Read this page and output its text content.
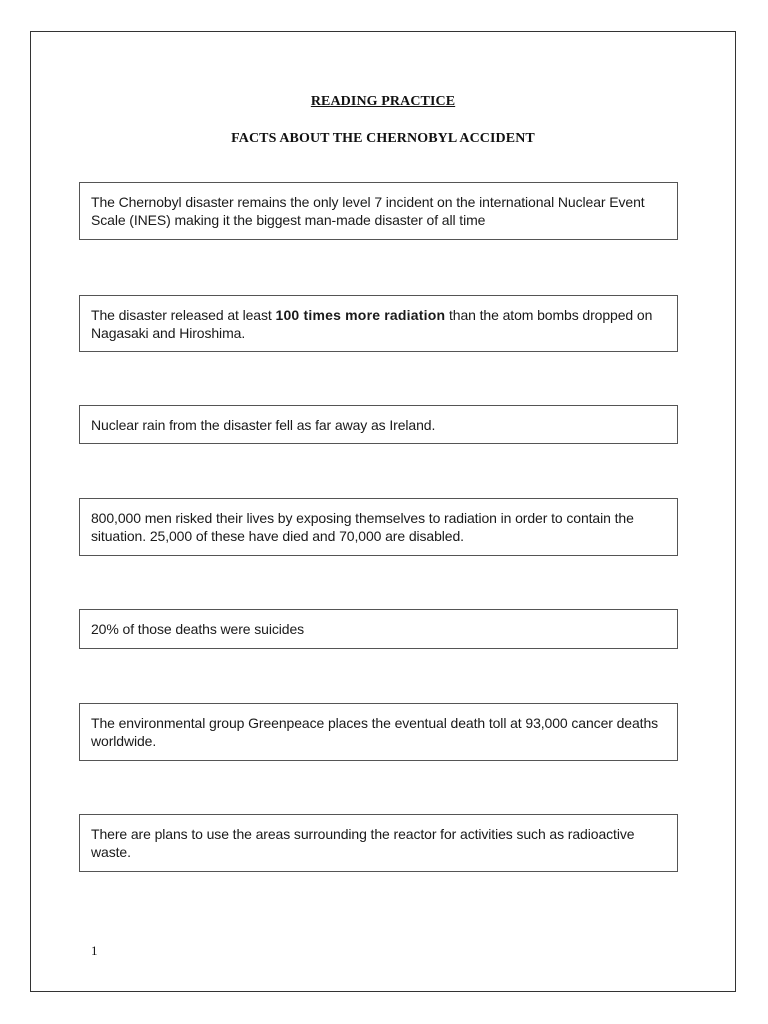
READING PRACTICE
FACTS ABOUT THE CHERNOBYL ACCIDENT
The Chernobyl disaster remains the only level 7 incident on the international Nuclear Event Scale (INES) making it the biggest man-made disaster of all time
The disaster released at least 100 times more radiation than the atom bombs dropped on Nagasaki and Hiroshima.
Nuclear rain from the disaster fell as far away as Ireland.
800,000 men risked their lives by exposing themselves to radiation in order to contain the situation. 25,000 of these have died and 70,000 are disabled.
20% of those deaths were suicides
The environmental group Greenpeace places the eventual death toll at 93,000 cancer deaths worldwide.
There are plans to use the areas surrounding the reactor for activities such as radioactive waste.
1
